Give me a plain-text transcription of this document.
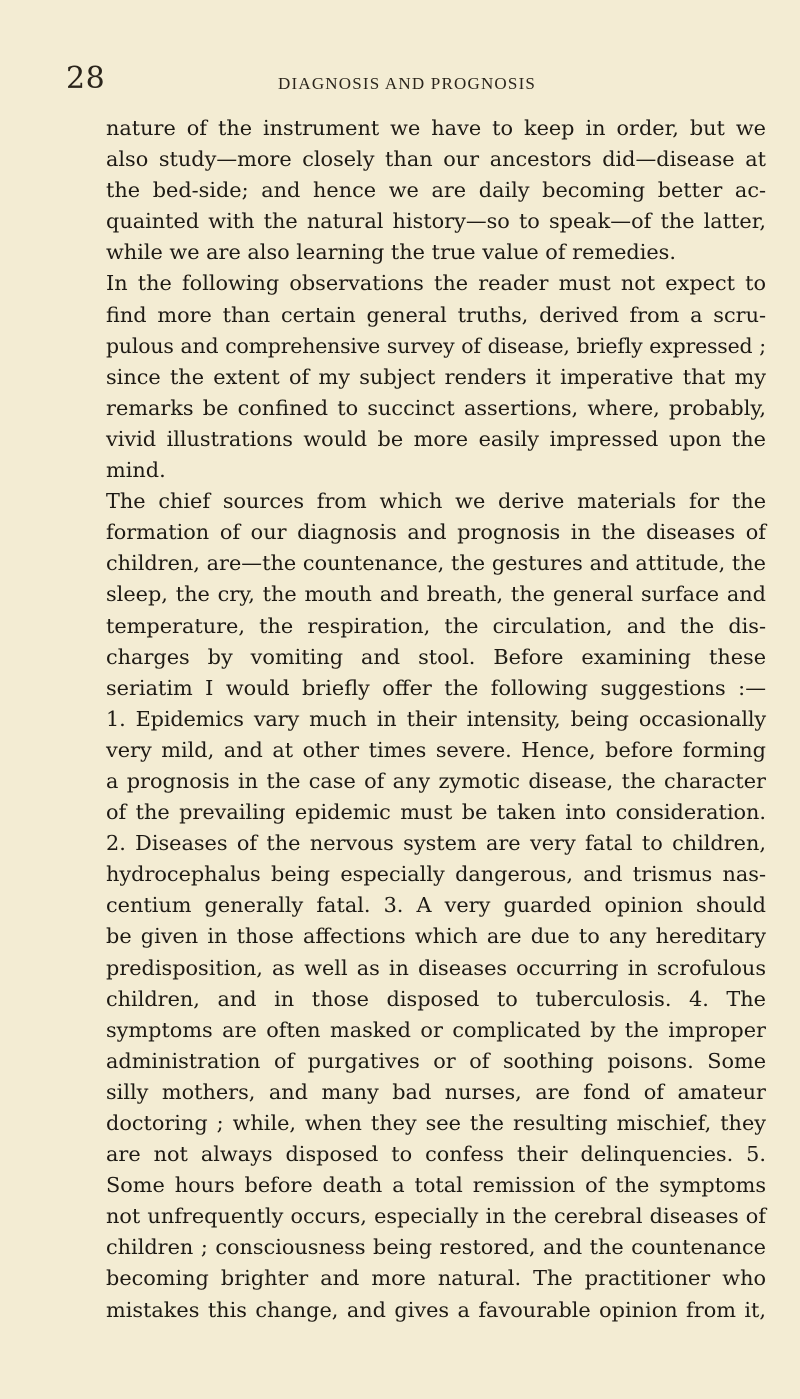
28	DIAGNOSIS AND PROGNOSIS
nature of the instrument we have to keep in order, but we
also study—more closely than our ancestors did—disease at
the bed-side; and hence we are daily becoming better ac-
quainted with the natural history—so to speak—of the latter,
while we are also learning the true value of remedies.
In the following observations the reader must not expect to
find more than certain general truths, derived from a scru-
pulous and comprehensive survey of disease, briefly expressed ;
since the extent of my subject renders it imperative that my
remarks be confined to succinct assertions, where, probably,
vivid illustrations would be more easily impressed upon the
mind.
The chief sources from which we derive materials for the
formation of our diagnosis and prognosis in the diseases of
children, are—the countenance, the gestures and attitude, the
sleep, the cry, the mouth and breath, the general surface and
temperature, the respiration, the circulation, and the dis-
charges by vomiting and stool. Before examining these
seriatim I would briefly offer the following suggestions :—
1. Epidemics vary much in their intensity, being occasionally
very mild, and at other times severe. Hence, before forming
a prognosis in the case of any zymotic disease, the character
of the prevailing epidemic must be taken into consideration.
2. Diseases of the nervous system are very fatal to children,
hydrocephalus being especially dangerous, and trismus nas-
centium generally fatal. 3. A very guarded opinion should
be given in those affections which are due to any hereditary
predisposition, as well as in diseases occurring in scrofulous
children, and in those disposed to tuberculosis. 4. The
symptoms are often masked or complicated by the improper
administration of purgatives or of soothing poisons. Some
silly mothers, and many bad nurses, are fond of amateur
doctoring ; while, when they see the resulting mischief, they
are not always disposed to confess their delinquencies. 5.
Some hours before death a total remission of the symptoms
not unfrequently occurs, especially in the cerebral diseases of
children ; consciousness being restored, and the countenance
becoming brighter and more natural. The practitioner who
mistakes this change, and gives a favourable opinion from it,
